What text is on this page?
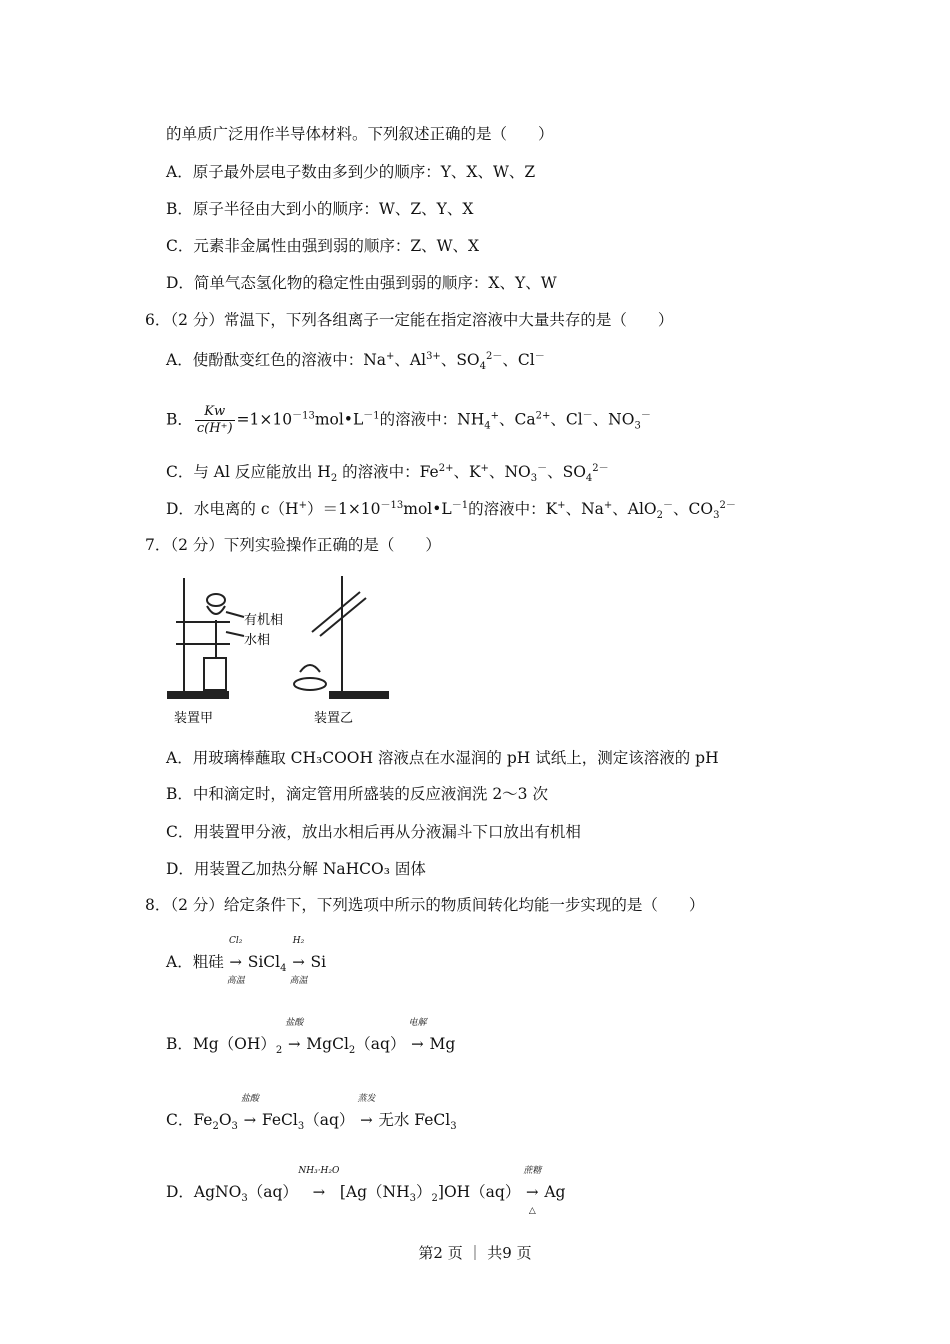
的单质广泛用作半导体材料。下列叙述正确的是（　　）
A．原子最外层电子数由多到少的顺序：Y、X、W、Z
B．原子半径由大到小的顺序：W、Z、Y、X
C．元素非金属性由强到弱的顺序：Z、W、X
D．简单气态氢化物的稳定性由强到弱的顺序：X、Y、W
6．（2 分）常温下，下列各组离子一定能在指定溶液中大量共存的是（　　）
A．使酚酞变红色的溶液中：Na+、$Al^{3+}$、$SO_4^{2-}$、Cl－
B． $\frac{Kw}{c(H^+)}$ $=1\times 10^{-13}mol•L^{-1}$的溶液中：$NH_4^+$、$Ca^{2+}$、Cl－、$NO_3^-$
C．与 Al 反应能放出 $H_2$ 的溶液中：$Fe^{2+}$、K+、$NO_3^-$、$SO_4^{2-}$
D．水电离的 $c(H^+)=1\times 10^{-13}mol•L^{-1}$的溶液中：K+、Na+、AlO$_2$－、$CO_3^{2-}$
7．（2 分）下列实验操作正确的是（　　）
有机相
水相
装置甲	装置乙
A．用玻璃棒蘸取 CH₃COOH 溶液点在水湿润的 pH 试纸上，测定该溶液的 pH
B．中和滴定时，滴定管用所盛装的反应液润洗 2～3 次
C．用装置甲分液，放出水相后再从分液漏斗下口放出有机相
D．用装置乙加热分解 NaHCO₃ 固体
8．（2 分）给定条件下，下列选项中所示的物质间转化均能一步实现的是（　　）
A．粗硅
Cl₂
→
高温
SiCl$_4$
H₂
→
高温
Si
B．$Mg(OH)_2$
盐酸
→ MgCl$_2$（aq）
电解
→ Mg
C．$Fe_2O_3$
盐酸
→ FeCl$_3$（aq）
蒸发
→ 无水 FeCl$_3$
D．AgNO$_3$（aq）
NH₃·H₂O
→ $[Ag(NH_3)_2]OH(aq)$
蔗糖
→
△
Ag
第2 页 ｜ 共9 页
